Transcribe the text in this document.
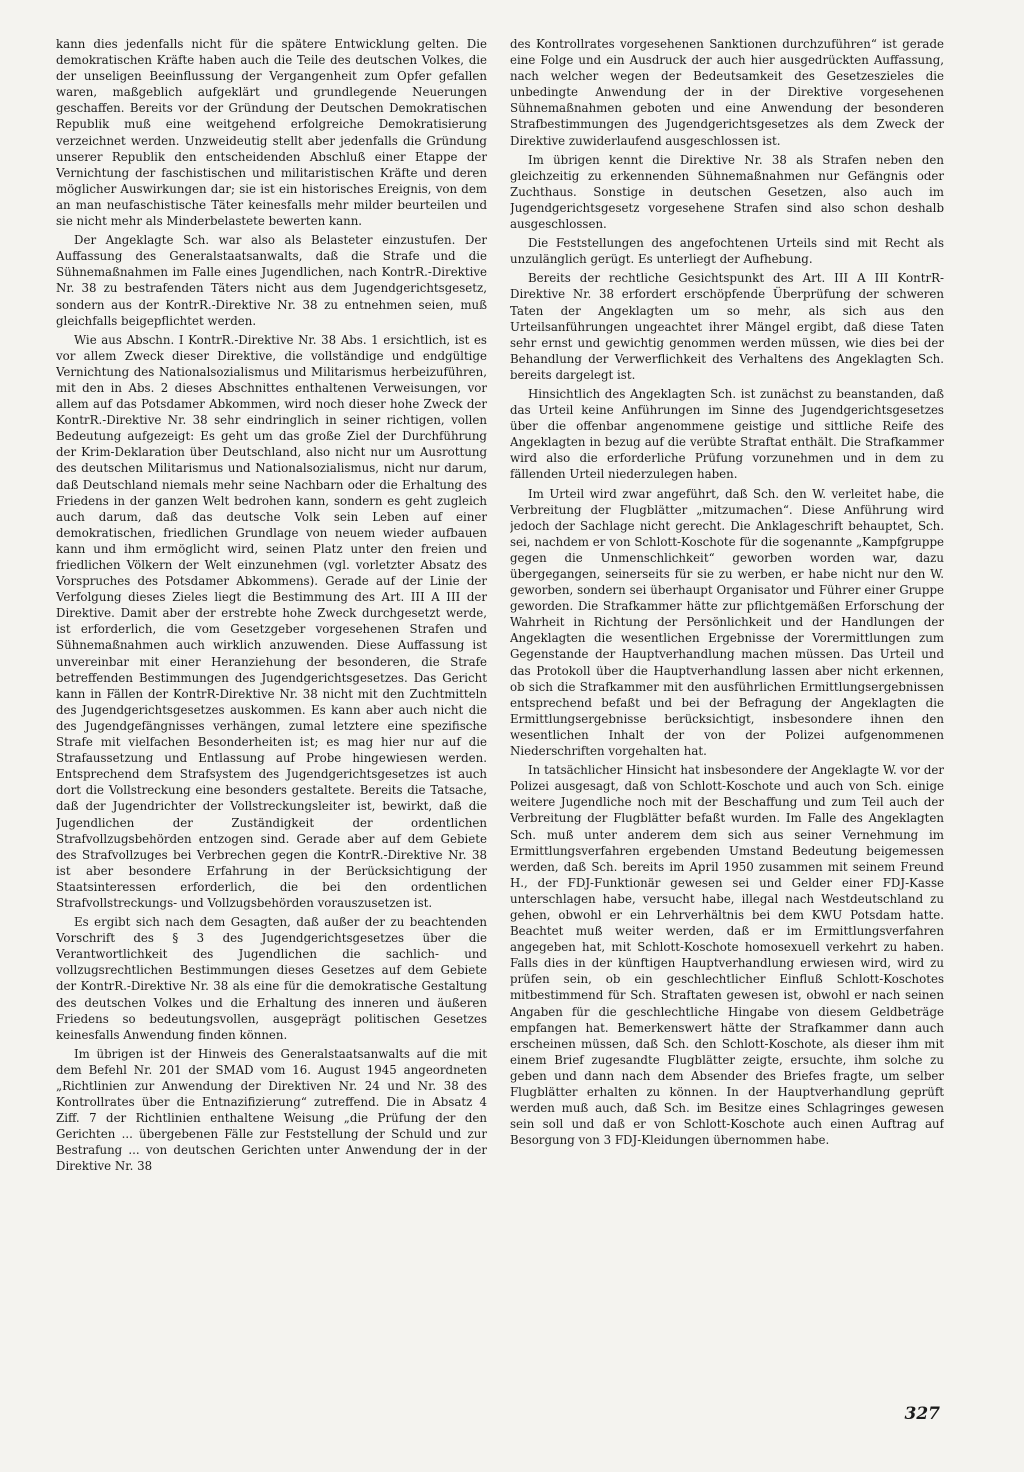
kann dies jedenfalls nicht für die spätere Entwicklung gelten. Die demokratischen Kräfte haben auch die Teile des deutschen Volkes, die der unseligen Beeinflussung der Vergangenheit zum Opfer gefallen waren, maßgeblich aufgeklärt und grundlegende Neuerungen geschaffen. Bereits vor der Gründung der Deutschen Demokratischen Republik muß eine weitgehend erfolgreiche Demokratisierung verzeichnet werden. Unzweideutig stellt aber jedenfalls die Gründung unserer Republik den entscheidenden Abschluß einer Etappe der Vernichtung der faschistischen und militaristischen Kräfte und deren möglicher Auswirkungen dar; sie ist ein historisches Ereignis, von dem an man neufaschistische Täter keinesfalls mehr milder beurteilen und sie nicht mehr als Minderbelastete bewerten kann.

Der Angeklagte Sch. war also als Belasteter einzustufen. Der Auffassung des Generalstaatsanwalts, daß die Strafe und die Sühnemaßnahmen im Falle eines Jugendlichen, nach KontrR.-Direktive Nr. 38 zu bestrafenden Täters nicht aus dem Jugendgerichtsgesetz, sondern aus der KontrR.-Direktive Nr. 38 zu entnehmen seien, muß gleichfalls beigepflichtet werden.

Wie aus Abschn. I KontrR.-Direktive Nr. 38 Abs. 1 ersichtlich, ist es vor allem Zweck dieser Direktive, die vollständige und endgültige Vernichtung des Nationalsozialismus und Militarismus herbeizuführen, mit den in Abs. 2 dieses Abschnittes enthaltenen Verweisungen, vor allem auf das Potsdamer Abkommen, wird noch dieser hohe Zweck der KontrR.-Direktive Nr. 38 sehr eindringlich in seiner richtigen, vollen Bedeutung aufgezeigt: Es geht um das große Ziel der Durchführung der Krim-Deklaration über Deutschland, also nicht nur um Ausrottung des deutschen Militarismus und Nationalsozialismus, nicht nur darum, daß Deutschland niemals mehr seine Nachbarn oder die Erhaltung des Friedens in der ganzen Welt bedrohen kann, sondern es geht zugleich auch darum, daß das deutsche Volk sein Leben auf einer demokratischen, friedlichen Grundlage von neuem wieder aufbauen kann und ihm ermöglicht wird, seinen Platz unter den freien und friedlichen Völkern der Welt einzunehmen (vgl. vorletzter Absatz des Vorspruches des Potsdamer Abkommens). Gerade auf der Linie der Verfolgung dieses Zieles liegt die Bestimmung des Art. III A III der Direktive. Damit aber der erstrebte hohe Zweck durchgesetzt werde, ist erforderlich, die vom Gesetzgeber vorgesehenen Strafen und Sühnemaßnahmen auch wirklich anzuwenden. Diese Auffassung ist unvereinbar mit einer Heranziehung der besonderen, die Strafe betreffenden Bestimmungen des Jugendgerichtsgesetzes. Das Gericht kann in Fällen der KontrR-Direktive Nr. 38 nicht mit den Zuchtmitteln des Jugendgerichtsgesetzes auskommen. Es kann aber auch nicht die des Jugendgefängnisses verhängen, zumal letztere eine spezifische Strafe mit vielfachen Besonderheiten ist; es mag hier nur auf die Strafaussetzung und Entlassung auf Probe hingewiesen werden. Entsprechend dem Strafsystem des Jugendgerichtsgesetzes ist auch dort die Vollstreckung eine besonders gestaltete. Bereits die Tatsache, daß der Jugendrichter der Vollstreckungsleiter ist, bewirkt, daß die Jugendlichen der Zuständigkeit der ordentlichen Strafvollzugsbehörden entzogen sind. Gerade aber auf dem Gebiete des Strafvollzuges bei Verbrechen gegen die KontrR.-Direktive Nr. 38 ist aber besondere Erfahrung in der Berücksichtigung der Staatsinteressen erforderlich, die bei den ordentlichen Strafvollstreckungs- und Vollzugsbehörden vorauszusetzen ist.

Es ergibt sich nach dem Gesagten, daß außer der zu beachtenden Vorschrift des § 3 des Jugendgerichtsgesetzes über die Verantwortlichkeit des Jugendlichen die sachlich- und vollzugsrechtlichen Bestimmungen dieses Gesetzes auf dem Gebiete der KontrR.-Direktive Nr. 38 als eine für die demokratische Gestaltung des deutschen Volkes und die Erhaltung des inneren und äußeren Friedens so bedeutungsvollen, ausgeprägt politischen Gesetzes keinesfalls Anwendung finden können.

Im übrigen ist der Hinweis des Generalstaatsanwalts auf die mit dem Befehl Nr. 201 der SMAD vom 16. August 1945 angeordneten „Richtlinien zur Anwendung der Direktiven Nr. 24 und Nr. 38 des Kontrollrates über die Entnazifizierung“ zutreffend. Die in Absatz 4 Ziff. 7 der Richtlinien enthaltene Weisung „die Prüfung der den Gerichten ... übergebenen Fälle zur Feststellung der Schuld und zur Bestrafung ... von deutschen Gerichten unter Anwendung der in der Direktive Nr. 38

des Kontrollrates vorgesehenen Sanktionen durchzuführen“ ist gerade eine Folge und ein Ausdruck der auch hier ausgedrückten Auffassung, nach welcher wegen der Bedeutsamkeit des Gesetzeszieles die unbedingte Anwendung der in der Direktive vorgesehenen Sühnemaßnahmen geboten und eine Anwendung der besonderen Strafbestimmungen des Jugendgerichtsgesetzes als dem Zweck der Direktive zuwiderlaufend ausgeschlossen ist.

Im übrigen kennt die Direktive Nr. 38 als Strafen neben den gleichzeitig zu erkennenden Sühnemaßnahmen nur Gefängnis oder Zuchthaus. Sonstige in deutschen Gesetzen, also auch im Jugendgerichtsgesetz vorgesehene Strafen sind also schon deshalb ausgeschlossen.

Die Feststellungen des angefochtenen Urteils sind mit Recht als unzulänglich gerügt. Es unterliegt der Aufhebung.

Bereits der rechtliche Gesichtspunkt des Art. III A III KontrR-Direktive Nr. 38 erfordert erschöpfende Überprüfung der schweren Taten der Angeklagten um so mehr, als sich aus den Urteilsanführungen ungeachtet ihrer Mängel ergibt, daß diese Taten sehr ernst und gewichtig genommen werden müssen, wie dies bei der Behandlung der Verwerflichkeit des Verhaltens des Angeklagten Sch. bereits dargelegt ist.

Hinsichtlich des Angeklagten Sch. ist zunächst zu beanstanden, daß das Urteil keine Anführungen im Sinne des Jugendgerichtsgesetzes über die offenbar angenommene geistige und sittliche Reife des Angeklagten in bezug auf die verübte Straftat enthält. Die Strafkammer wird also die erforderliche Prüfung vorzunehmen und in dem zu fällenden Urteil niederzulegen haben.

Im Urteil wird zwar angeführt, daß Sch. den W. verleitet habe, die Verbreitung der Flugblätter „mitzumachen“. Diese Anführung wird jedoch der Sachlage nicht gerecht. Die Anklageschrift behauptet, Sch. sei, nachdem er von Schlott-Koschote für die sogenannte „Kampfgruppe gegen die Unmenschlichkeit“ geworben worden war, dazu übergegangen, seinerseits für sie zu werben, er habe nicht nur den W. geworben, sondern sei überhaupt Organisator und Führer einer Gruppe geworden. Die Strafkammer hätte zur pflichtgemäßen Erforschung der Wahrheit in Richtung der Persönlichkeit und der Handlungen der Angeklagten die wesentlichen Ergebnisse der Vorermittlungen zum Gegenstande der Hauptverhandlung machen müssen. Das Urteil und das Protokoll über die Hauptverhandlung lassen aber nicht erkennen, ob sich die Strafkammer mit den ausführlichen Ermittlungsergebnissen entsprechend befaßt und bei der Befragung der Angeklagten die Ermittlungsergebnisse berücksichtigt, insbesondere ihnen den wesentlichen Inhalt der von der Polizei aufgenommenen Niederschriften vorgehalten hat.

In tatsächlicher Hinsicht hat insbesondere der Angeklagte W. vor der Polizei ausgesagt, daß von Schlott-Koschote und auch von Sch. einige weitere Jugendliche noch mit der Beschaffung und zum Teil auch der Verbreitung der Flugblätter befaßt wurden. Im Falle des Angeklagten Sch. muß unter anderem dem sich aus seiner Vernehmung im Ermittlungsverfahren ergebenden Umstand Bedeutung beigemessen werden, daß Sch. bereits im April 1950 zusammen mit seinem Freund H., der FDJ-Funktionär gewesen sei und Gelder einer FDJ-Kasse unterschlagen habe, versucht habe, illegal nach Westdeutschland zu gehen, obwohl er ein Lehrverhältnis bei dem KWU Potsdam hatte. Beachtet muß weiter werden, daß er im Ermittlungsverfahren angegeben hat, mit Schlott-Koschote homosexuell verkehrt zu haben. Falls dies in der künftigen Hauptverhandlung erwiesen wird, wird zu prüfen sein, ob ein geschlechtlicher Einfluß Schlott-Koschotes mitbestimmend für Sch. Straftaten gewesen ist, obwohl er nach seinen Angaben für die geschlechtliche Hingabe von diesem Geldbeträge empfangen hat. Bemerkenswert hätte der Strafkammer dann auch erscheinen müssen, daß Sch. den Schlott-Koschote, als dieser ihm mit einem Brief zugesandte Flugblätter zeigte, ersuchte, ihm solche zu geben und dann nach dem Absender des Briefes fragte, um selber Flugblätter erhalten zu können. In der Hauptverhandlung geprüft werden muß auch, daß Sch. im Besitze eines Schlagringes gewesen sein soll und daß er von Schlott-Koschote auch einen Auftrag auf Besorgung von 3 FDJ-Kleidungen übernommen habe.

327
